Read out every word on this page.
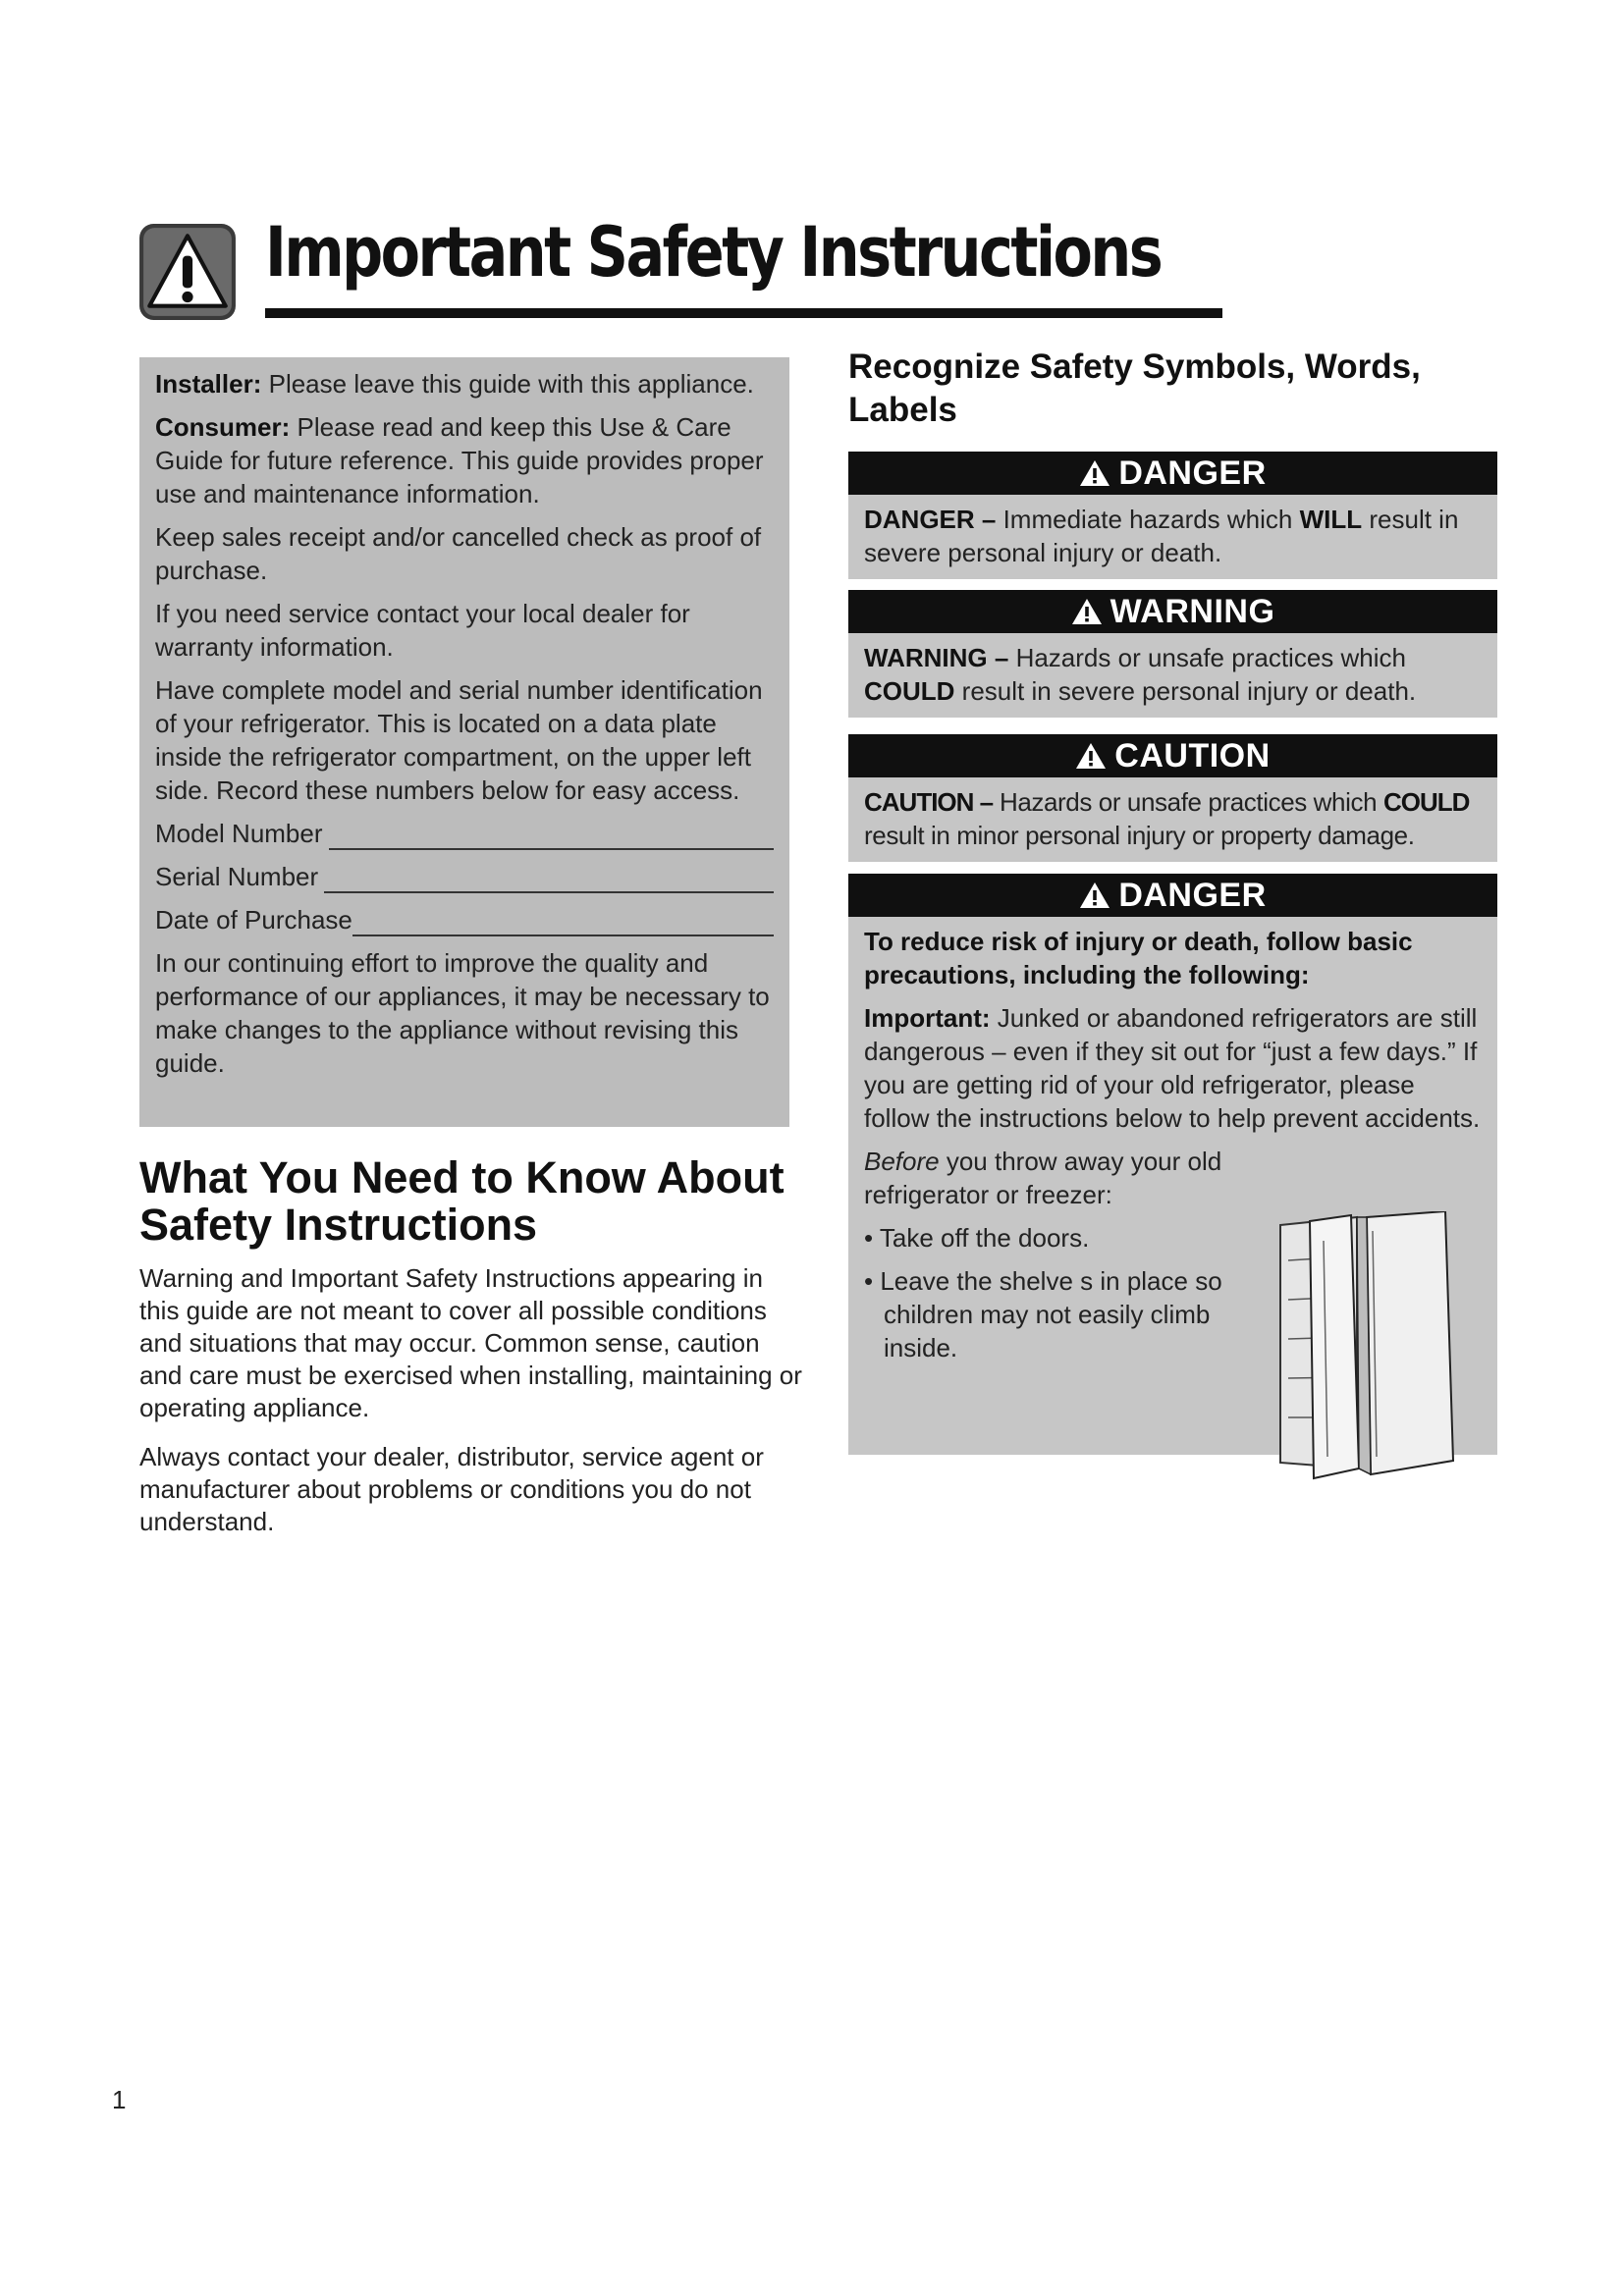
Important Safety Instructions

Installer: Please leave this guide with this appliance.

Consumer: Please read and keep this Use & Care Guide for future reference. This guide provides proper use and maintenance information.

Keep sales receipt and/or cancelled check as proof of purchase.

If you need service contact your local dealer for warranty information.

Have complete model and serial number identification of your refrigerator. This is located on a data plate inside the refrigerator compartment, on the upper left side. Record these numbers below for easy access.

Model Number
Serial Number
Date of Purchase

In our continuing effort to improve the quality and performance of our appliances, it may be necessary to make changes to the appliance without revising this guide.

What You Need to Know About Safety Instructions

Warning and Important Safety Instructions appearing in this guide are not meant to cover all possible conditions and situations that may occur. Common sense, caution and care must be exercised when installing, maintaining or operating appliance.

Always contact your dealer, distributor, service agent or manufacturer about problems or conditions you do not understand.

Recognize Safety Symbols, Words, Labels
DANGER
DANGER – Immediate hazards which WILL result in severe personal injury or death.
WARNING
WARNING – Hazards or unsafe practices which COULD result in severe personal injury or death.
CAUTION
CAUTION – Hazards or unsafe practices which COULD result in minor personal injury or property damage.
DANGER

To reduce risk of injury or death, follow basic precautions, including the following:

Important: Junked or abandoned refrigerators are still dangerous – even if they sit out for “just a few days.” If you are getting rid of your old refrigerator, please follow the instructions below to help prevent accidents.

Before you throw away your old refrigerator or freezer:

• Take off the doors.

• Leave the shelve s in place so children may not easily climb inside.

1
